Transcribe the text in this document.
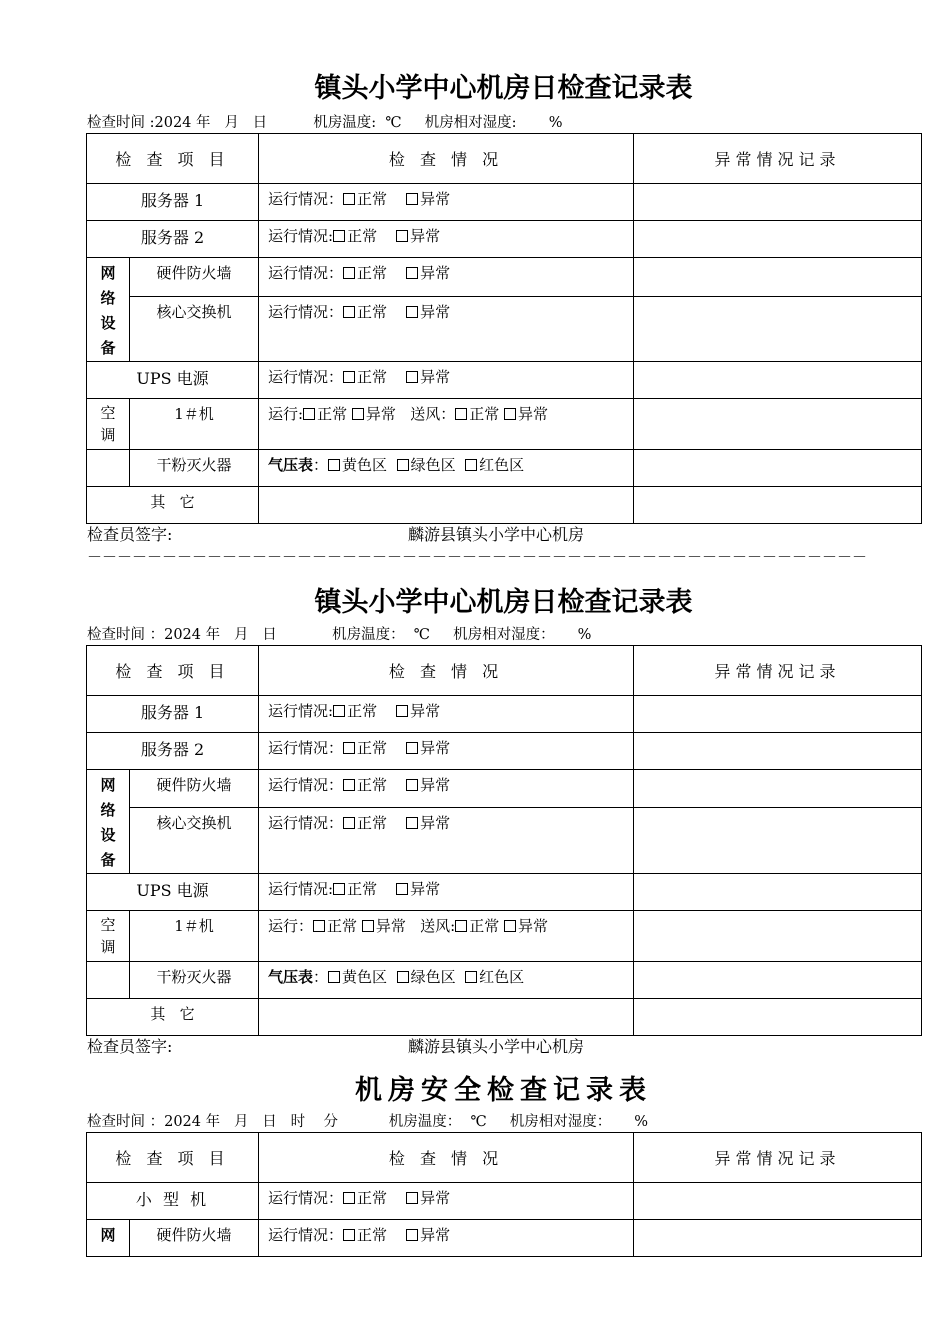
镇头小学中心机房日检查记录表
检查时间 :2024 年   月   日          机房温度:  ℃     机房相对湿度:       %
检 查 项 目		检 查 情 况	异常情况记录
服务器 1		运行情况： 正常 异常	
服务器 2		运行情况: 正常 异常	
网络设备	硬件防火墙	运行情况： 正常 异常	
	核心交换机	运行情况： 正常 异常	
UPS 电源		运行情况： 正常 异常	
空调	1＃机	运行: 正常 异常 送风： 正常 异常	
	干粉灭火器	气压表： 黄色区 绿色区 红色区	
其   它			
检查员签字:	麟游县镇头小学中心机房
－－－－－－－－－－－－－－－－－－－－－－－－－－－－－－－－－－－－－－－－－－－－－－－－－－－－
镇头小学中心机房日检查记录表
检查时间 ：2024 年   月   日            机房温度：  ℃     机房相对湿度：     %
检 查 项 目		检 查 情 况	异常情况记录
服务器 1		运行情况: 正常 异常	
服务器 2		运行情况： 正常 异常	
网络设备	硬件防火墙	运行情况： 正常 异常	
	核心交换机	运行情况： 正常 异常	
UPS 电源		运行情况: 正常 异常	
空调	1＃机	运行： 正常 异常 送风: 正常 异常	
	干粉灭火器	气压表： 黄色区 绿色区 红色区	
其   它			
检查员签字:	麟游县镇头小学中心机房
机房安全检查记录表
检查时间 ：2024 年   月   日   时    分           机房温度：  ℃     机房相对湿度：     %
检 查 项 目		检 查 情 况	异常情况记录
小 型 机		运行情况： 正常 异常	
网	硬件防火墙	运行情况： 正常 异常	
